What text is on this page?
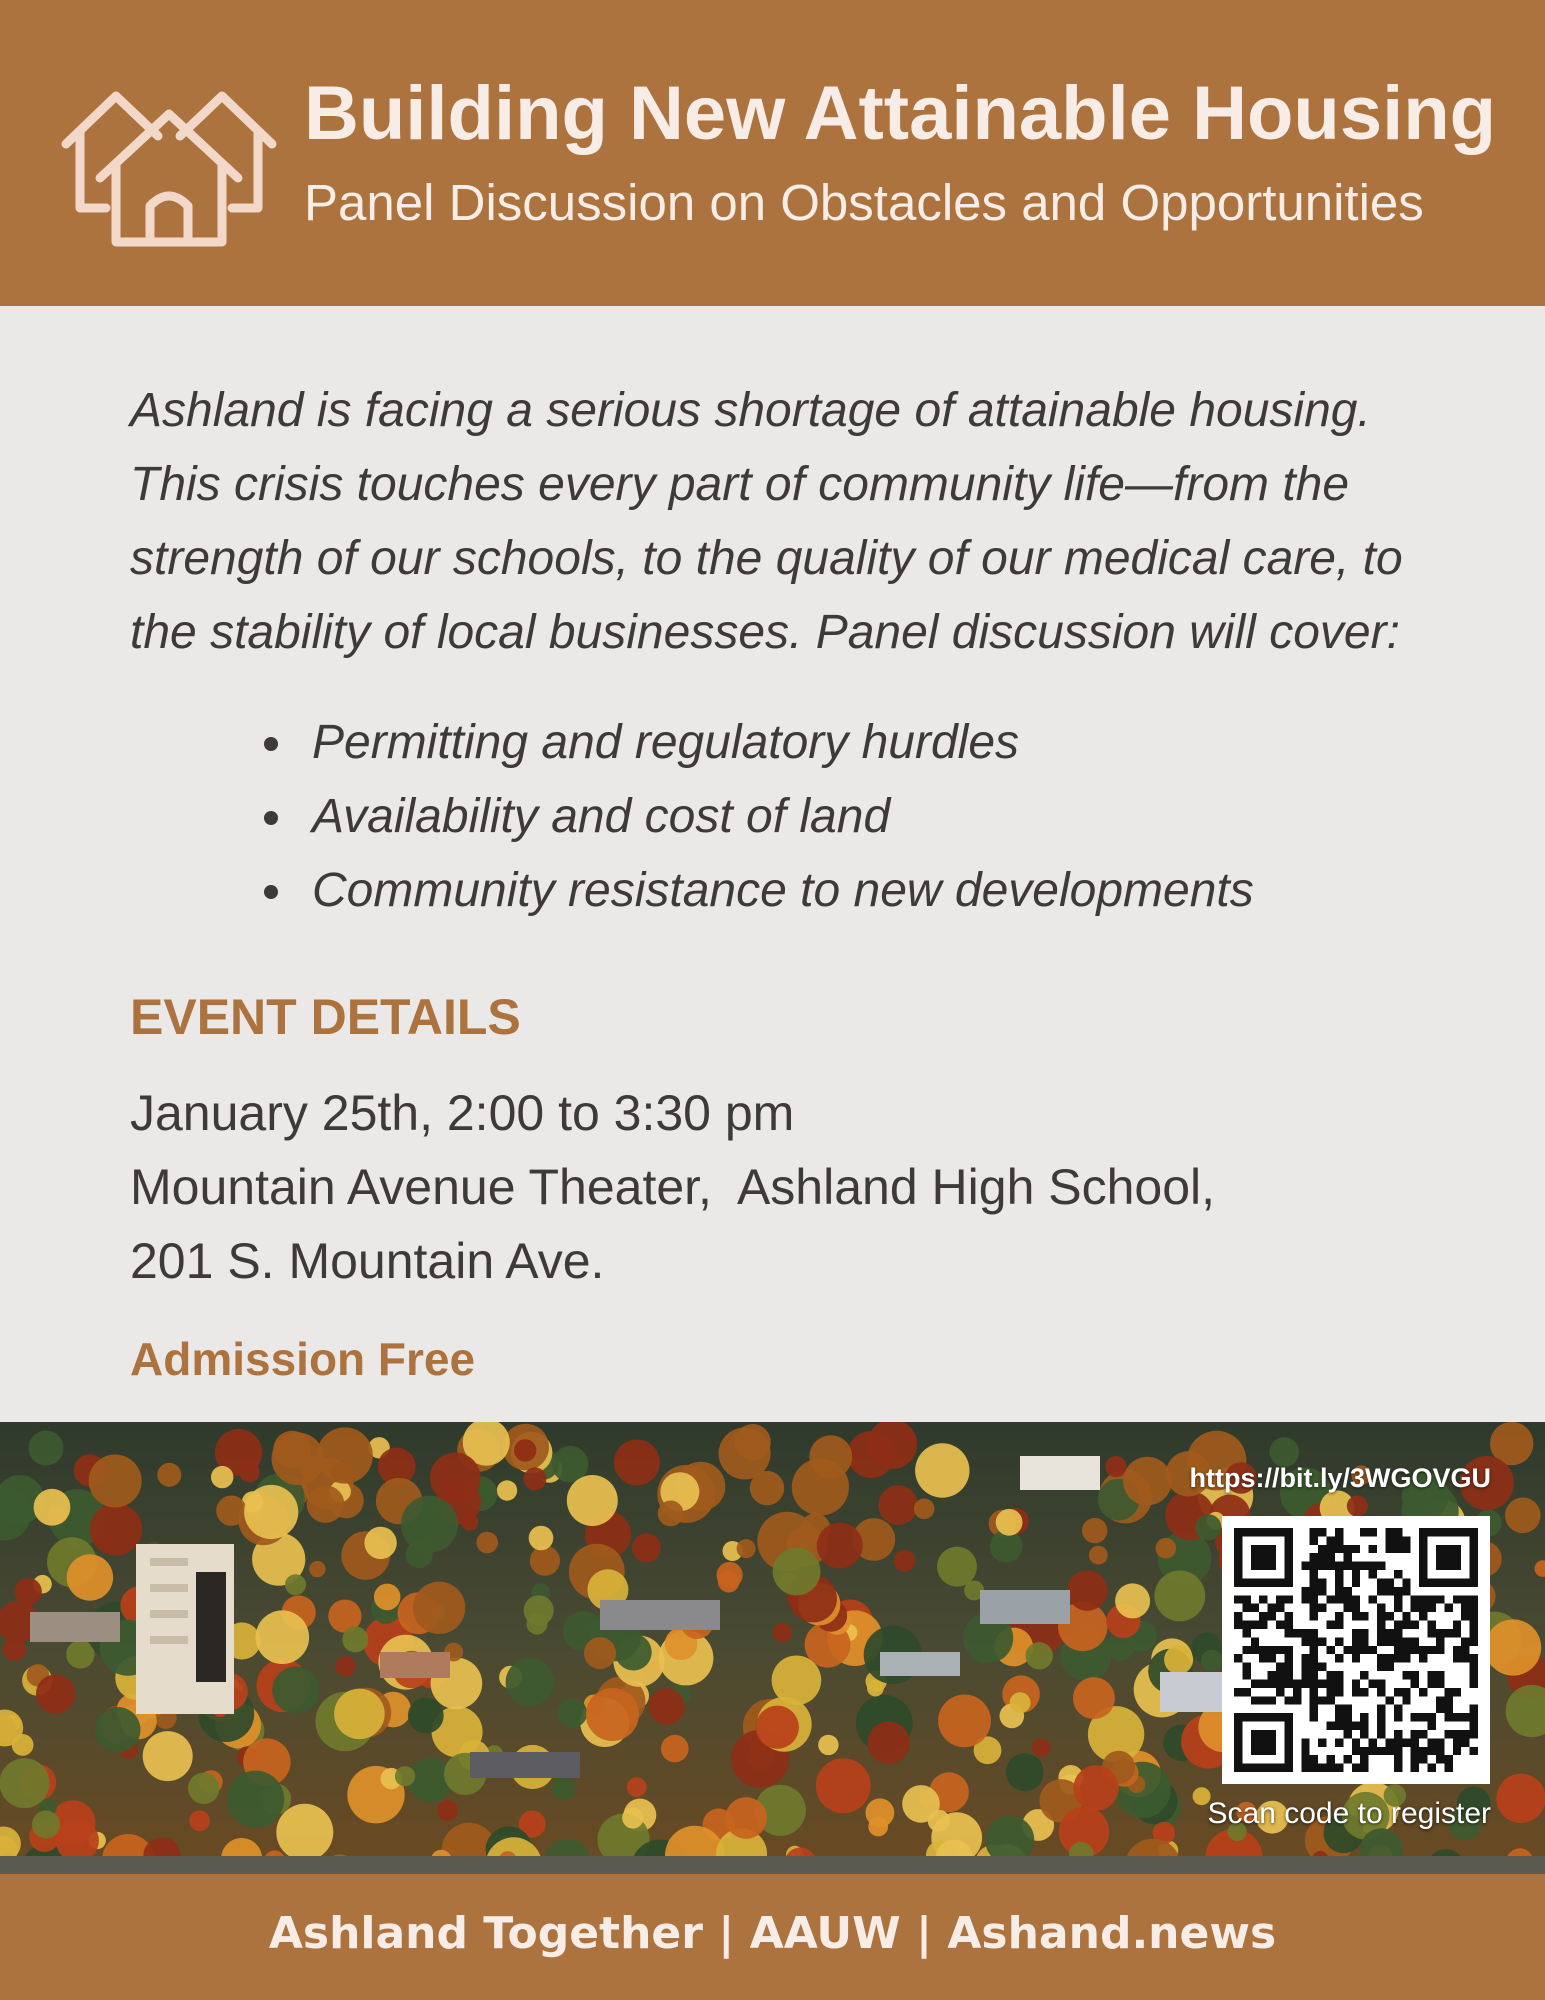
Building New Attainable Housing
Panel Discussion on Obstacles and Opportunities
Ashland is facing a serious shortage of attainable housing.
This crisis touches every part of community life—from the
strength of our schools, to the quality of our medical care, to
the stability of local businesses. Panel discussion will cover:
Permitting and regulatory hurdles
Availability and cost of land
Community resistance to new developments
EVENT DETAILS
January 25th, 2:00 to 3:30 pm
Mountain Avenue Theater,  Ashland High School,
201 S. Mountain Ave.
Admission Free
https://bit.ly/3WGOVGU
Scan code to register
Ashland Together | AAUW | Ashand.news
